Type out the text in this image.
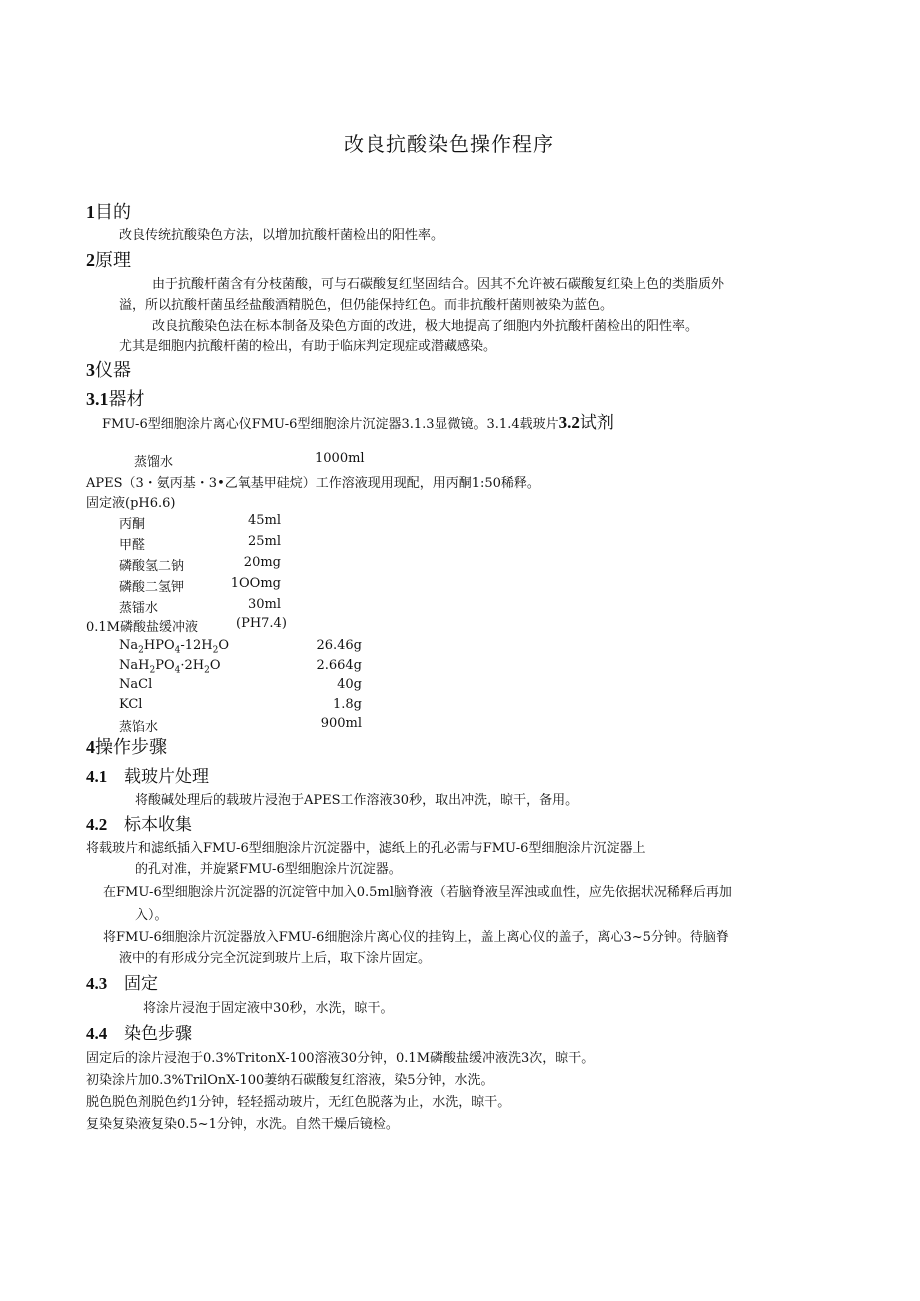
改良抗酸染色操作程序
1目的
改良传统抗酸染色方法，以增加抗酸杆菌检出的阳性率。
2原理
由于抗酸杆菌含有分枝菌酸，可与石碳酸复红坚固结合。因其不允许被石碳酸复红染上色的类脂质外
溢，所以抗酸杆菌虽经盐酸酒精脱色，但仍能保持红色。而非抗酸杆菌则被染为蓝色。
改良抗酸染色法在标本制备及染色方面的改进，极大地提高了细胞内外抗酸杆菌检出的阳性率。
尤其是细胞内抗酸杆菌的检出，有助于临床判定现症或潜藏感染。
3仪器
3.1器材
FMU-6型细胞涂片离心仪FMU-6型细胞涂片沉淀器3.1.3显微镜。3.1.4载玻片3.2试剂
蒸馏水	1000ml
APES（3・氨丙基・3•乙氧基甲硅烷）工作溶液现用现配，用丙酮1:50稀释。
固定液(pH6.6)
丙酮	45ml
甲醛	25ml
磷酸氢二钠	20mg
磷酸二氢钾	1OOmg
蒸镭水	30ml
0.1M磷酸盐缓冲液	(PH7.4)
$Na_2HPO_4-12H_2O$	26.46g
$NaH_2PO_4\cdot 2H_2O$	2.664g
NaCl	40g
KCl	1.8g
蒸馅水	900ml
4操作步骤
4.1 载玻片处理
将酸碱处理后的载玻片浸泡于APES工作溶液30秒，取出冲洗，晾干，备用。
4.2 标本收集
将载玻片和滤纸插入FMU-6型细胞涂片沉淀器中，滤纸上的孔必需与FMU-6型细胞涂片沉淀器上
的孔对准，并旋紧FMU-6型细胞涂片沉淀器。
在FMU-6型细胞涂片沉淀器的沉淀管中加入0.5ml脑脊液（若脑脊液呈浑浊或血性，应先依据状况稀释后再加
入）。
将FMU-6细胞涂片沉淀器放入FMU-6细胞涂片离心仪的挂钩上，盖上离心仪的盖子，离心3~5分钟。待脑脊
液中的有形成分完全沉淀到玻片上后，取下涂片固定。
4.3 固定
将涂片浸泡于固定液中30秒，水洗，晾干。
4.4 染色步骤
固定后的涂片浸泡于0.3%TritonX-100溶液30分钟，0.1M磷酸盐缓冲液洗3次，晾干。
初染涂片加0.3%TrilOnX-100萋纳石碳酸复红溶液，染5分钟，水洗。
脱色脱色剂脱色约1分钟，轻轻摇动玻片，无红色脱落为止，水洗，晾干。
复染复染液复染0.5~1分钟，水洗。自然干燥后镜检。
